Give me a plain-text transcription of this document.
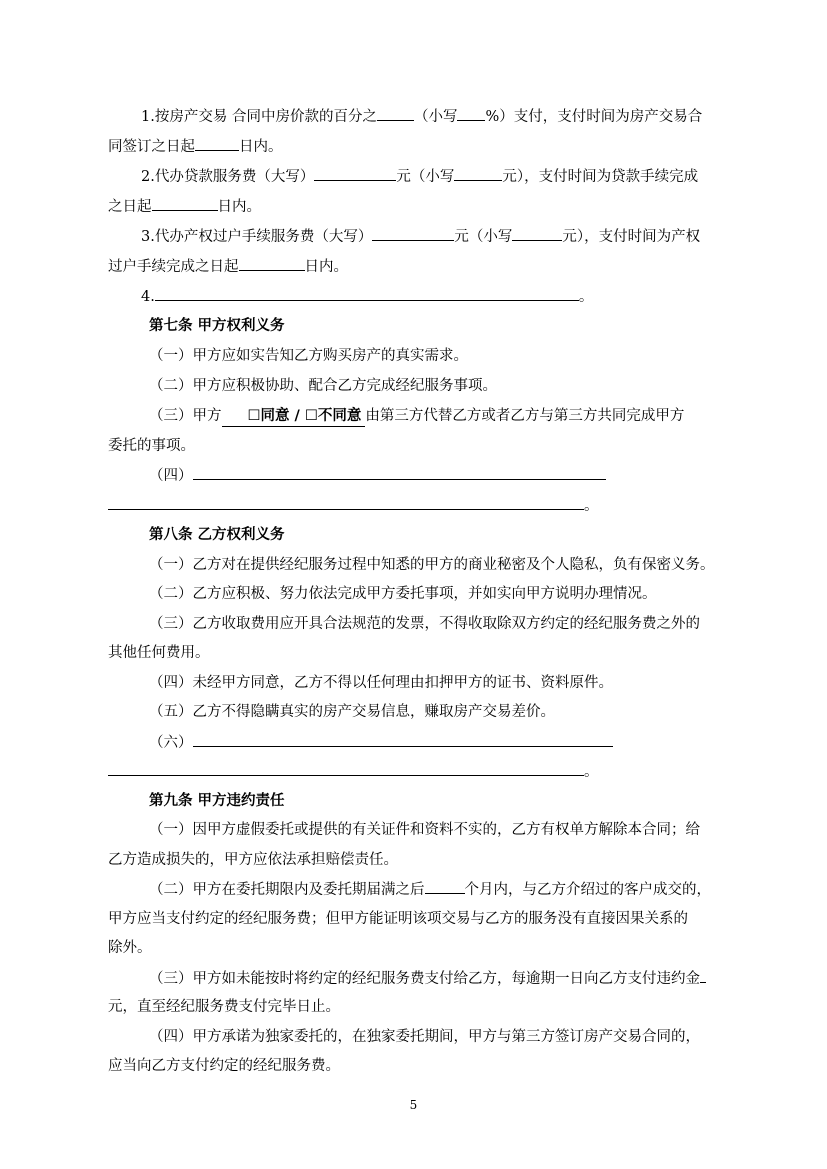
1.按房产交易 合同中房价款的百分之	（小写 %）支付，支付时间为房产交易合
同签订之日起	日内。
2.代办贷款服务费（大写）	元（小写	元），支付时间为贷款手续完成
之日起	日内。
3.代办产权过户手续服务费（大写）	元（小写	元），支付时间为产权
过户手续完成之日起	日内。
4.	。
第七条 甲方权利义务
（一）甲方应如实告知乙方购买房产的真实需求。
（二）甲方应积极协助、配合乙方完成经纪服务事项。
（三）甲方 ☐同意 / ☐不同意 由第三方代替乙方或者乙方与第三方共同完成甲方
委托的事项。
（四）
。
第八条 乙方权利义务
（一）乙方对在提供经纪服务过程中知悉的甲方的商业秘密及个人隐私，负有保密义务。
（二）乙方应积极、努力依法完成甲方委托事项，并如实向甲方说明办理情况。
（三）乙方收取费用应开具合法规范的发票，不得收取除双方约定的经纪服务费之外的
其他任何费用。
（四）未经甲方同意，乙方不得以任何理由扣押甲方的证书、资料原件。
（五）乙方不得隐瞒真实的房产交易信息，赚取房产交易差价。
（六）
。
第九条 甲方违约责任
（一）因甲方虚假委托或提供的有关证件和资料不实的，乙方有权单方解除本合同；给
乙方造成损失的，甲方应依法承担赔偿责任。
（二）甲方在委托期限内及委托期届满之后	个月内，与乙方介绍过的客户成交的，
甲方应当支付约定的经纪服务费；但甲方能证明该项交易与乙方的服务没有直接因果关系的
除外。
（三）甲方如未能按时将约定的经纪服务费支付给乙方，每逾期一日向乙方支付违约金
元，直至经纪服务费支付完毕日止。
（四）甲方承诺为独家委托的，在独家委托期间，甲方与第三方签订房产交易合同的，
应当向乙方支付约定的经纪服务费。
5
